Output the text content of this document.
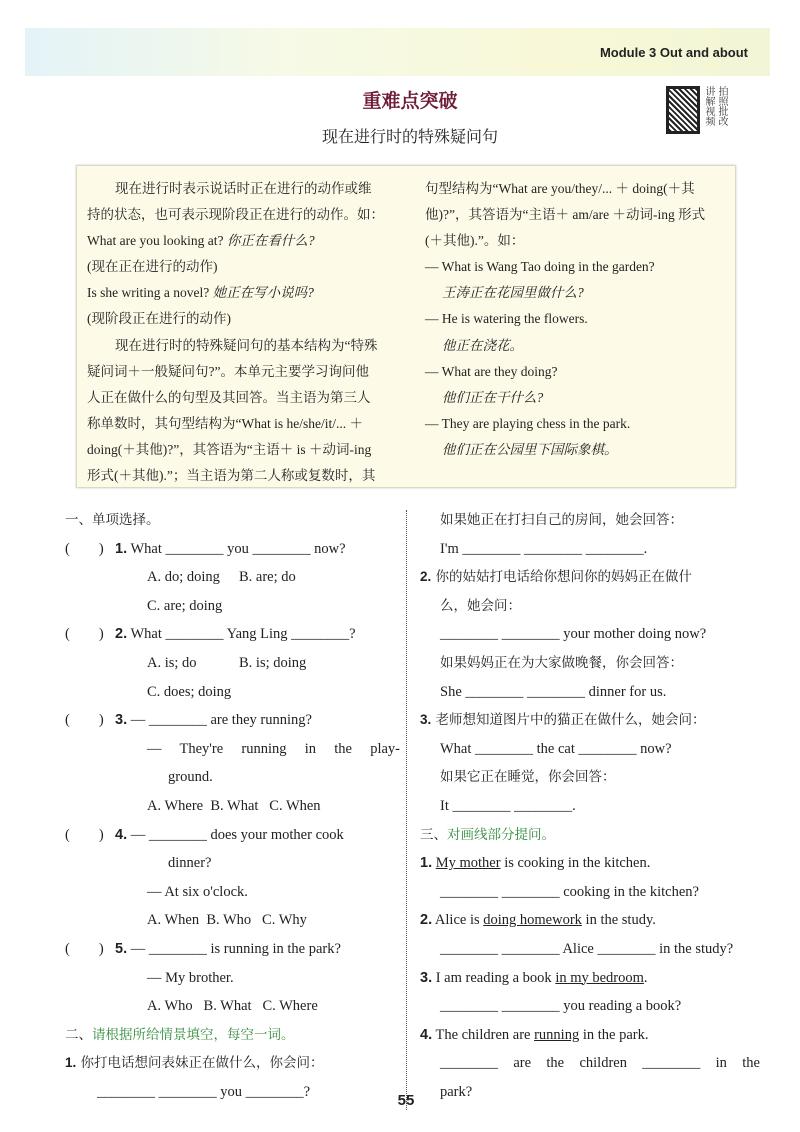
Module 3 Out and about
重难点突破
现在进行时的特殊疑问句
讲解视频 拍照批改
现在进行时表示说话时正在进行的动作或维
持的状态，也可表示现阶段正在进行的动作。如：
What are you looking at? 你正在看什么?
(现在正在进行的动作)
Is she writing a novel? 她正在写小说吗?
(现阶段正在进行的动作)
现在进行时的特殊疑问句的基本结构为“特殊
疑问词＋一般疑问句?”。本单元主要学习询问他
人正在做什么的句型及其回答。当主语为第三人
称单数时，其句型结构为“What is he/she/it/... ＋
doing(＋其他)?”，其答语为“主语＋ is ＋动词-ing
形式(＋其他).”；当主语为第二人称或复数时，其
句型结构为“What are you/they/... ＋ doing(＋其
他)?”，其答语为“主语＋ am/are ＋动词-ing 形式
(＋其他).”。如：
— What is Wang Tao doing in the garden?
王涛正在花园里做什么?
— He is watering the flowers.
他正在浇花。
— What are they doing?
他们正在干什么?
— They are playing chess in the park.
他们正在公园里下国际象棋。
一、单项选择。
(　　) 1. What ________ you ________ now?
A. do; doing B. are; do
C. are; doing
(　　) 2. What ________ Yang Ling ________?
A. is; do	B. is; doing
C. does; doing
(　　) 3. — ________ are they running?
— They're running in the play-
ground.
A. Where  B. What   C. When
(　　) 4. — ________ does your mother cook
dinner?
— At six o'clock.
A. When  B. Who   C. Why
(　　) 5. — ________ is running in the park?
— My brother.
A. Who   B. What   C. Where
二、请根据所给情景填空，每空一词。
1. 你打电话想问表妹正在做什么，你会问：
________ ________ you ________?
如果她正在打扫自己的房间，她会回答：
I'm ________ ________ ________.
2. 你的姑姑打电话给你想问你的妈妈正在做什
么，她会问：
________ ________ your mother doing now?
如果妈妈正在为大家做晚餐，你会回答：
She ________ ________ dinner for us.
3. 老师想知道图片中的猫正在做什么，她会问：
What ________ the cat ________ now?
如果它正在睡觉，你会回答：
It ________ ________.
三、对画线部分提问。
1. My mother is cooking in the kitchen.
________ ________ cooking in the kitchen?
2. Alice is doing homework in the study.
________ ________ Alice ________ in the study?
3. I am reading a book in my bedroom.
________ ________ you reading a book?
4. The children are running in the park.
________ are the children ________ in the
park?
55
